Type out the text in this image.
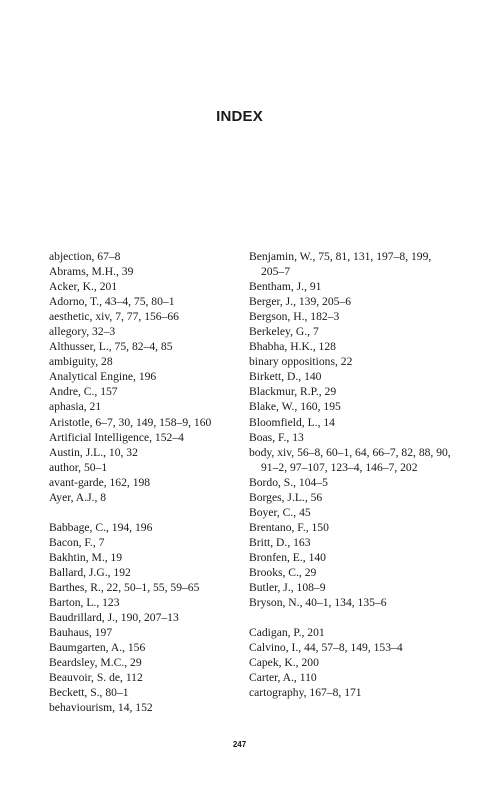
INDEX
abjection, 67–8
Abrams, M.H., 39
Acker, K., 201
Adorno, T., 43–4, 75, 80–1
aesthetic, xiv, 7, 77, 156–66
allegory, 32–3
Althusser, L., 75, 82–4, 85
ambiguity, 28
Analytical Engine, 196
Andre, C., 157
aphasia, 21
Aristotle, 6–7, 30, 149, 158–9, 160
Artificial Intelligence, 152–4
Austin, J.L., 10, 32
author, 50–1
avant-garde, 162, 198
Ayer, A.J., 8
Babbage, C., 194, 196
Bacon, F., 7
Bakhtin, M., 19
Ballard, J.G., 192
Barthes, R., 22, 50–1, 55, 59–65
Barton, L., 123
Baudrillard, J., 190, 207–13
Bauhaus, 197
Baumgarten, A., 156
Beardsley, M.C., 29
Beauvoir, S. de, 112
Beckett, S., 80–1
behaviourism, 14, 152
Benjamin, W., 75, 81, 131, 197–8, 199, 205–7
Bentham, J., 91
Berger, J., 139, 205–6
Bergson, H., 182–3
Berkeley, G., 7
Bhabha, H.K., 128
binary oppositions, 22
Birkett, D., 140
Blackmur, R.P., 29
Blake, W., 160, 195
Bloomfield, L., 14
Boas, F., 13
body, xiv, 56–8, 60–1, 64, 66–7, 82, 88, 90, 91–2, 97–107, 123–4, 146–7, 202
Bordo, S., 104–5
Borges, J.L., 56
Boyer, C., 45
Brentano, F., 150
Britt, D., 163
Bronfen, E., 140
Brooks, C., 29
Butler, J., 108–9
Bryson, N., 40–1, 134, 135–6
Cadigan, P., 201
Calvino, I., 44, 57–8, 149, 153–4
Capek, K., 200
Carter, A., 110
cartography, 167–8, 171
247
